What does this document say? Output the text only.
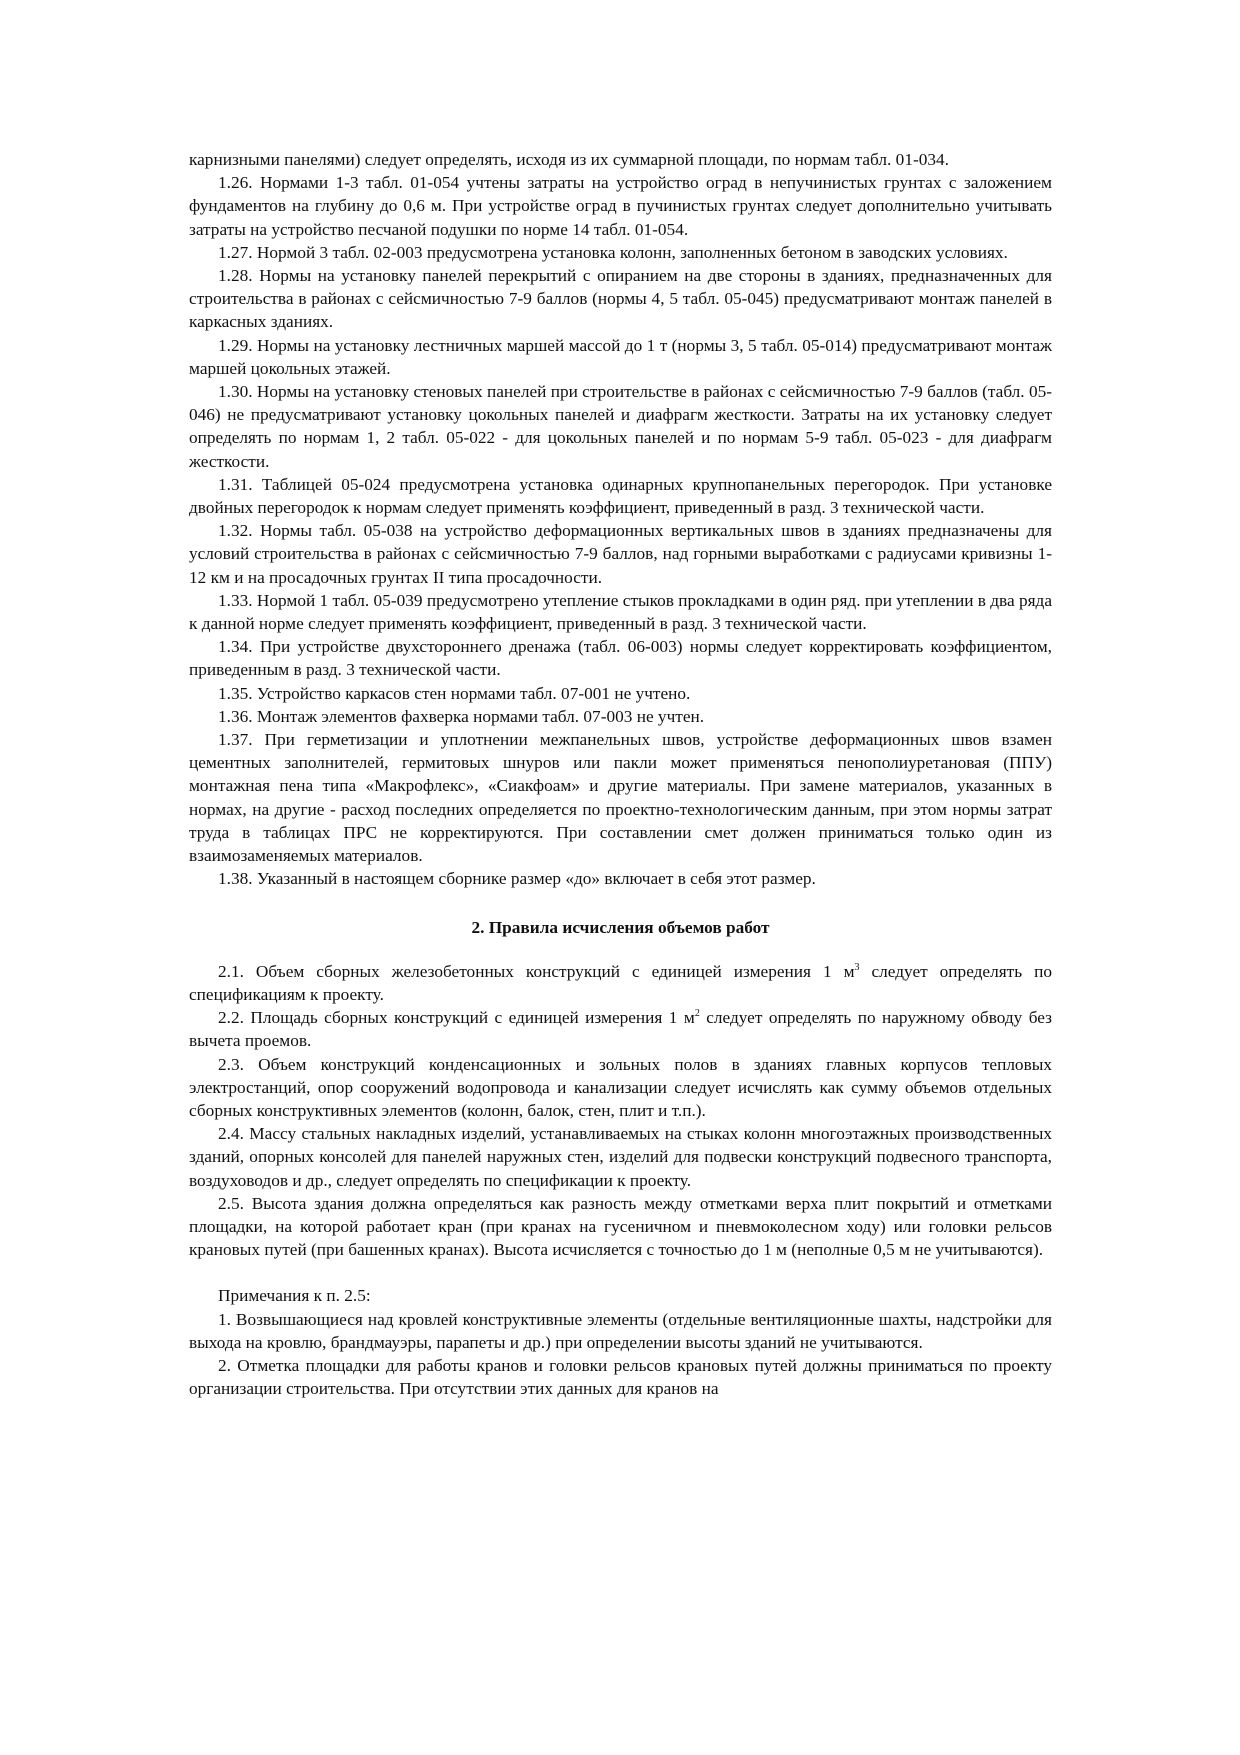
карнизными панелями) следует определять, исходя из их суммарной площади, по нормам табл. 01-034.

1.26. Нормами 1-3 табл. 01-054 учтены затраты на устройство оград в непучинистых грунтах с заложением фундаментов на глубину до 0,6 м. При устройстве оград в пучинистых грунтах следует дополнительно учитывать затраты на устройство песчаной подушки по норме 14 табл. 01-054.

1.27. Нормой 3 табл. 02-003 предусмотрена установка колонн, заполненных бетоном в заводских условиях.

1.28. Нормы на установку панелей перекрытий с опиранием на две стороны в зданиях, предназначенных для строительства в районах с сейсмичностью 7-9 баллов (нормы 4, 5 табл. 05-045) предусматривают монтаж панелей в каркасных зданиях.

1.29. Нормы на установку лестничных маршей массой до 1 т (нормы 3, 5 табл. 05-014) предусматривают монтаж маршей цокольных этажей.

1.30. Нормы на установку стеновых панелей при строительстве в районах с сейсмичностью 7-9 баллов (табл. 05-046) не предусматривают установку цокольных панелей и диафрагм жесткости. Затраты на их установку следует определять по нормам 1, 2 табл. 05-022 - для цокольных панелей и по нормам 5-9 табл. 05-023 - для диафрагм жесткости.

1.31. Таблицей 05-024 предусмотрена установка одинарных крупнопанельных перегородок. При установке двойных перегородок к нормам следует применять коэффициент, приведенный в разд. 3 технической части.

1.32. Нормы табл. 05-038 на устройство деформационных вертикальных швов в зданиях предназначены для условий строительства в районах с сейсмичностью 7-9 баллов, над горными выработками с радиусами кривизны 1-12 км и на просадочных грунтах II типа просадочности.

1.33. Нормой 1 табл. 05-039 предусмотрено утепление стыков прокладками в один ряд. при утеплении в два ряда к данной норме следует применять коэффициент, приведенный в разд. 3 технической части.

1.34. При устройстве двухстороннего дренажа (табл. 06-003) нормы следует корректировать коэффициентом, приведенным в разд. 3 технической части.

1.35. Устройство каркасов стен нормами табл. 07-001 не учтено.

1.36. Монтаж элементов фахверка нормами табл. 07-003 не учтен.

1.37. При герметизации и уплотнении межпанельных швов, устройстве деформационных швов взамен цементных заполнителей, гермитовых шнуров или пакли может применяться пенополиуретановая (ППУ) монтажная пена типа «Макрофлекс», «Сиакфоам» и другие материалы. При замене материалов, указанных в нормах, на другие - расход последних определяется по проектно-технологическим данным, при этом нормы затрат труда в таблицах ПРС не корректируются. При составлении смет должен приниматься только один из взаимозаменяемых материалов.

1.38. Указанный в настоящем сборнике размер «до» включает в себя этот размер.

2. Правила исчисления объемов работ

2.1. Объем сборных железобетонных конструкций с единицей измерения 1 $м^3$ следует определять по спецификациям к проекту.

2.2. Площадь сборных конструкций с единицей измерения 1 $м^2$ следует определять по наружному обводу без вычета проемов.

2.3. Объем конструкций конденсационных и зольных полов в зданиях главных корпусов тепловых электростанций, опор сооружений водопровода и канализации следует исчислять как сумму объемов отдельных сборных конструктивных элементов (колонн, балок, стен, плит и т.п.).

2.4. Массу стальных накладных изделий, устанавливаемых на стыках колонн многоэтажных производственных зданий, опорных консолей для панелей наружных стен, изделий для подвески конструкций подвесного транспорта, воздуховодов и др., следует определять по спецификации к проекту.

2.5. Высота здания должна определяться как разность между отметками верха плит покрытий и отметками площадки, на которой работает кран (при кранах на гусеничном и пневмоколесном ходу) или головки рельсов крановых путей (при башенных кранах). Высота исчисляется с точностью до 1 м (неполные 0,5 м не учитываются).

Примечания к п. 2.5:

1. Возвышающиеся над кровлей конструктивные элементы (отдельные вентиляционные шахты, надстройки для выхода на кровлю, брандмауэры, парапеты и др.) при определении высоты зданий не учитываются.

2. Отметка площадки для работы кранов и головки рельсов крановых путей должны приниматься по проекту организации строительства. При отсутствии этих данных для кранов на
